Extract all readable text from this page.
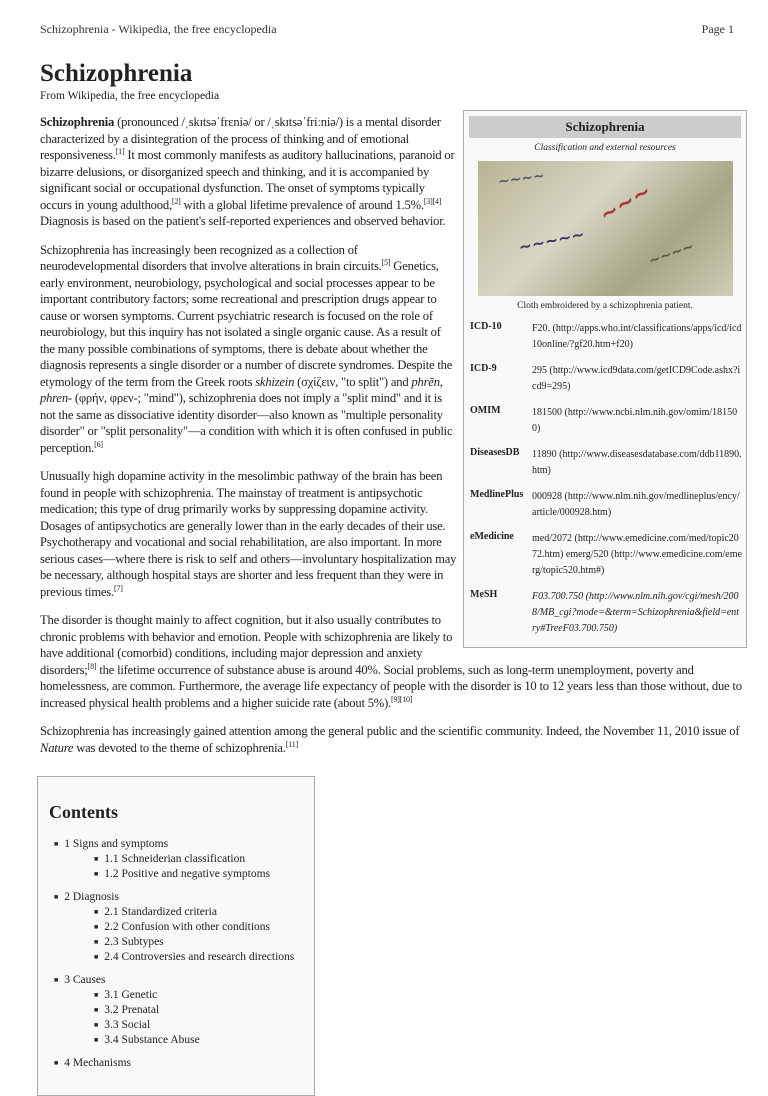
Schizophrenia - Wikipedia, the free encyclopedia	Page 1
Schizophrenia
From Wikipedia, the free encyclopedia
Schizophrenia
Classification and external resources
~~~~ ~~~
~~~~~	~~~~
Cloth embroidered by a schizophrenia patient.
ICD-10	F20. (http://apps.who.int/classifications/apps/icd/icd10online/?gf20.htm+f20)
ICD-9	295 (http://www.icd9data.com/getICD9Code.ashx?icd9=295)
OMIM	181500 (http://www.ncbi.nlm.nih.gov/omim/181500)
DiseasesDB	11890 (http://www.diseasesdatabase.com/ddb11890.htm)
MedlinePlus 000928 (http://www.nlm.nih.gov/medlineplus/ency/article/000928.htm)
eMedicine	med/2072 (http://www.emedicine.com/med/topic2072.htm) emerg/520 (http://www.emedicine.com/emerg/topic520.htm#)
MeSH	F03.700.750 (http://www.nlm.nih.gov/cgi/mesh/2008/MB_cgi?mode=&term=Schizophrenia&field=entry#TreeF03.700.750)

Schizophrenia (pronounced /ˌskɪtsəˈfrɛniə/ or /ˌskɪtsəˈfriːniə/) is a mental disorder characterized by a disintegration of the process of thinking and of emotional responsiveness.[1] It most commonly manifests as auditory hallucinations, paranoid or bizarre delusions, or disorganized speech and thinking, and it is accompanied by significant social or occupational dysfunction. The onset of symptoms typically occurs in young adulthood,[2] with a global lifetime prevalence of around 1.5%.[3][4] Diagnosis is based on the patient's self-reported experiences and observed behavior.

Schizophrenia has increasingly been recognized as a collection of neurodevelopmental disorders that involve alterations in brain circuits.[5] Genetics, early environment, neurobiology, psychological and social processes appear to be important contributory factors; some recreational and prescription drugs appear to cause or worsen symptoms. Current psychiatric research is focused on the role of neurobiology, but this inquiry has not isolated a single organic cause. As a result of the many possible combinations of symptoms, there is debate about whether the diagnosis represents a single disorder or a number of discrete syndromes. Despite the etymology of the term from the Greek roots skhizein (σχίζειν, "to split") and phrēn, phren- (φρήν, φρεν-; "mind"), schizophrenia does not imply a "split mind" and it is not the same as dissociative identity disorder—also known as "multiple personality disorder" or "split personality"—a condition with which it is often confused in public perception.[6]

Unusually high dopamine activity in the mesolimbic pathway of the brain has been found in people with schizophrenia. The mainstay of treatment is antipsychotic medication; this type of drug primarily works by suppressing dopamine activity. Dosages of antipsychotics are generally lower than in the early decades of their use. Psychotherapy and vocational and social rehabilitation, are also important. In more serious cases—where there is risk to self and others—involuntary hospitalization may be necessary, although hospital stays are shorter and less frequent than they were in previous times.[7]

The disorder is thought mainly to affect cognition, but it also usually contributes to chronic problems with behavior and emotion. People with schizophrenia are likely to have additional (comorbid) conditions, including major depression and anxiety disorders;[8] the lifetime occurrence of substance abuse is around 40%. Social problems, such as long-term unemployment, poverty and homelessness, are common. Furthermore, the average life expectancy of people with the disorder is 10 to 12 years less than those without, due to increased physical health problems and a higher suicide rate (about 5%).[9][10]

Schizophrenia has increasingly gained attention among the general public and the scientific community. Indeed, the November 11, 2010 issue of Nature was devoted to the theme of schizophrenia.[11]

Contents
■ 1 Signs and symptoms
■ 1.1 Schneiderian classification
■ 1.2 Positive and negative symptoms
■ 2 Diagnosis
■ 2.1 Standardized criteria
■ 2.2 Confusion with other conditions
■ 2.3 Subtypes
■ 2.4 Controversies and research directions
■ 3 Causes
■ 3.1 Genetic
■ 3.2 Prenatal
■ 3.3 Social
■ 3.4 Substance Abuse
■ 4 Mechanisms
